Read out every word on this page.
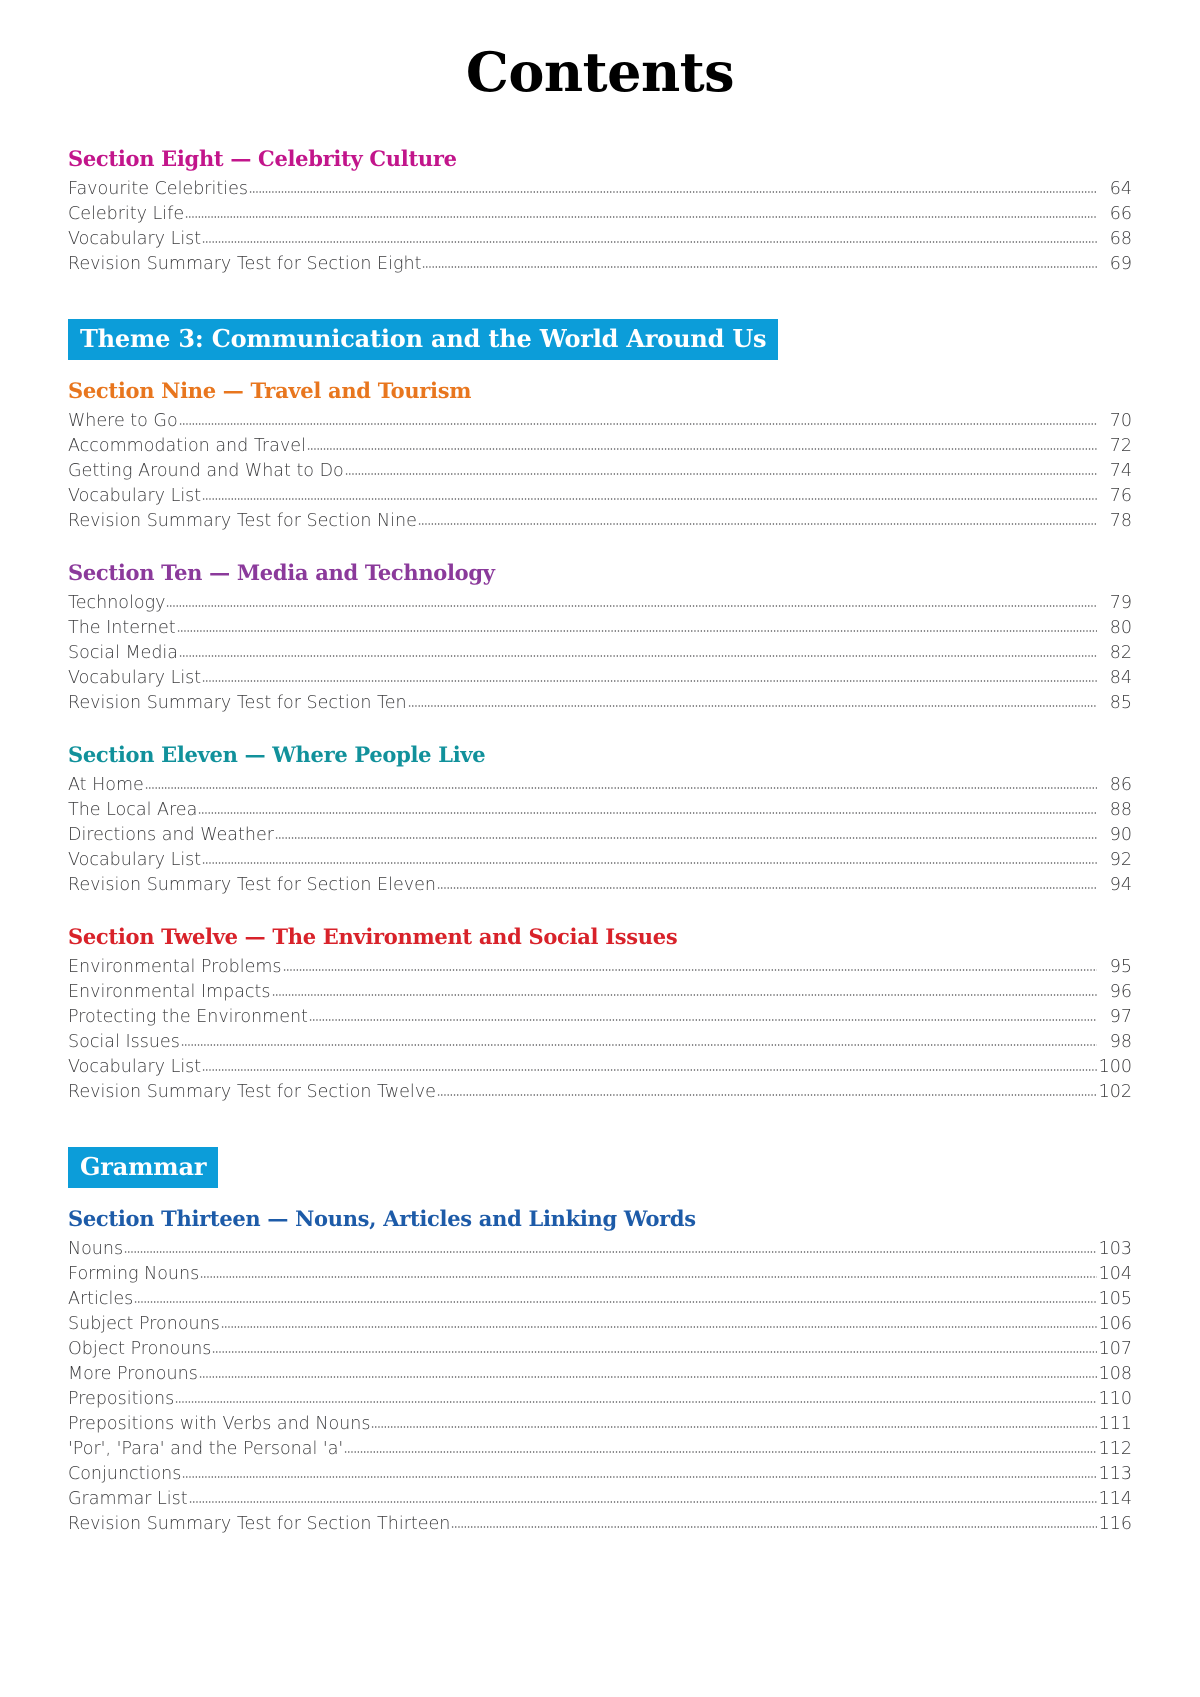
Contents
Section Eight — Celebrity Culture
Favourite Celebrities	64
Celebrity Life	66
Vocabulary List	68
Revision Summary Test for Section Eight	69
Theme 3: Communication and the World Around Us
Section Nine — Travel and Tourism
Where to Go	70
Accommodation and Travel	72
Getting Around and What to Do	74
Vocabulary List	76
Revision Summary Test for Section Nine	78
Section Ten — Media and Technology
Technology	79
The Internet	80
Social Media	82
Vocabulary List	84
Revision Summary Test for Section Ten	85
Section Eleven — Where People Live
At Home	86
The Local Area	88
Directions and Weather	90
Vocabulary List	92
Revision Summary Test for Section Eleven	94
Section Twelve — The Environment and Social Issues
Environmental Problems	95
Environmental Impacts	96
Protecting the Environment	97
Social Issues	98
Vocabulary List	100
Revision Summary Test for Section Twelve	102
Grammar
Section Thirteen — Nouns, Articles and Linking Words
Nouns	103
Forming Nouns	104
Articles	105
Subject Pronouns	106
Object Pronouns	107
More Pronouns	108
Prepositions	110
Prepositions with Verbs and Nouns	111
'Por', 'Para' and the Personal 'a'	112
Conjunctions	113
Grammar List	114
Revision Summary Test for Section Thirteen	116
